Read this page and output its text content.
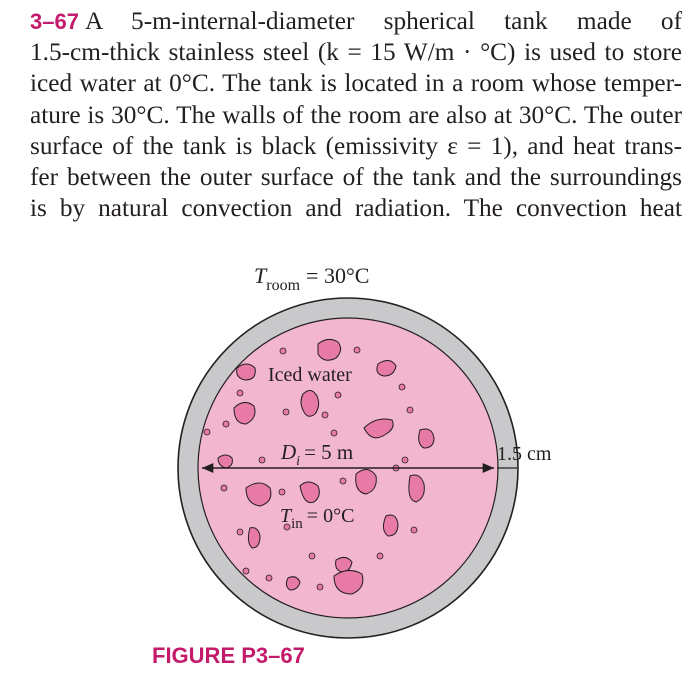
3–67 A 5-m-internal-diameter spherical tank made of
1.5-cm-thick stainless steel (k = 15 W/m · °C) is used to store
iced water at 0°C. The tank is located in a room whose temper-
ature is 30°C. The walls of the room are also at 30°C. The outer
surface of the tank is black (emissivity ε = 1), and heat trans-
fer between the outer surface of the tank and the surroundings
is by natural convection and radiation. The convection heat
$T_{room} = 30^\circ C$
Iced water
$D_i = 5$ m
$T_{in} = 0^\circ C$
1.5 cm
FIGURE P3–67
